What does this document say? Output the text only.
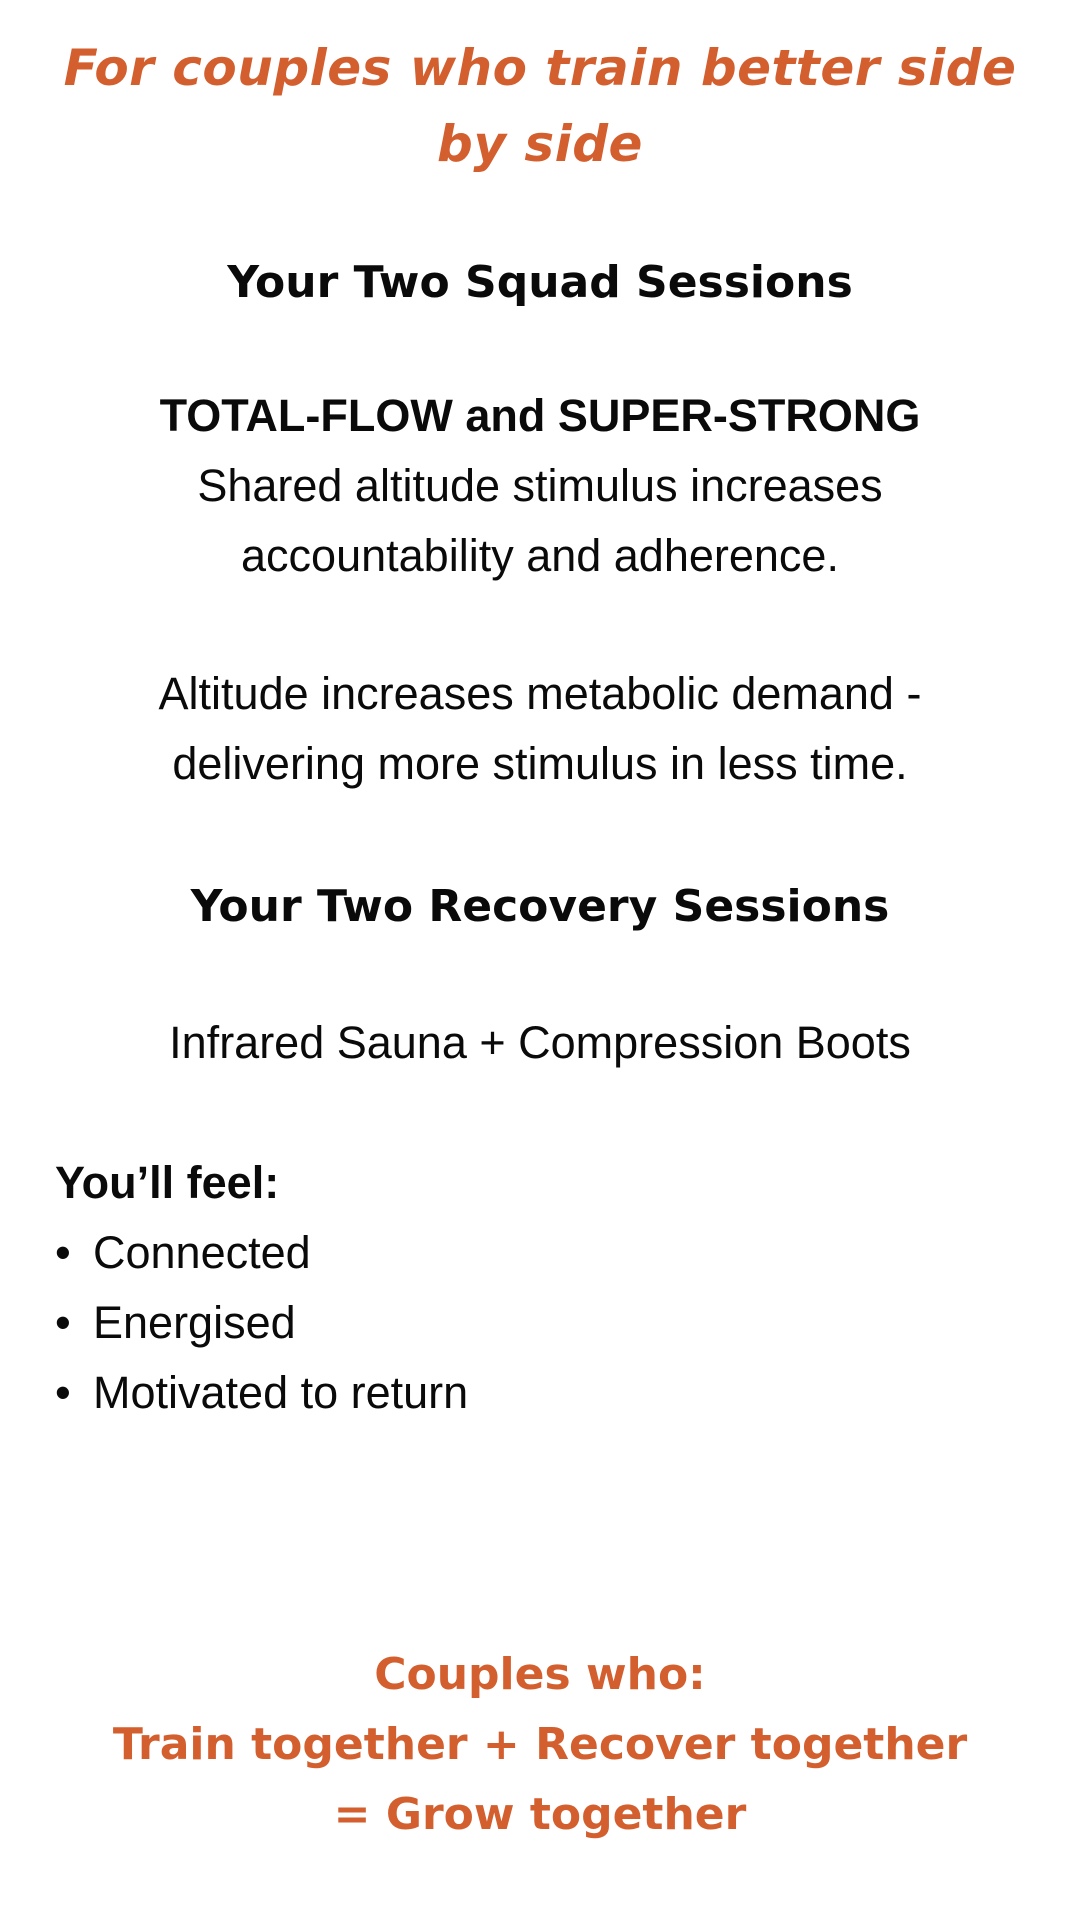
For couples who train better side
by side
Your Two Squad Sessions
TOTAL-FLOW and SUPER-STRONG
Shared altitude stimulus increases
accountability and adherence.
Altitude increases metabolic demand -
delivering more stimulus in less time.
Your Two Recovery Sessions
Infrared Sauna + Compression Boots
You’ll feel:
• Connected
• Energised
• Motivated to return
Couples who:
Train together + Recover together
= Grow together
